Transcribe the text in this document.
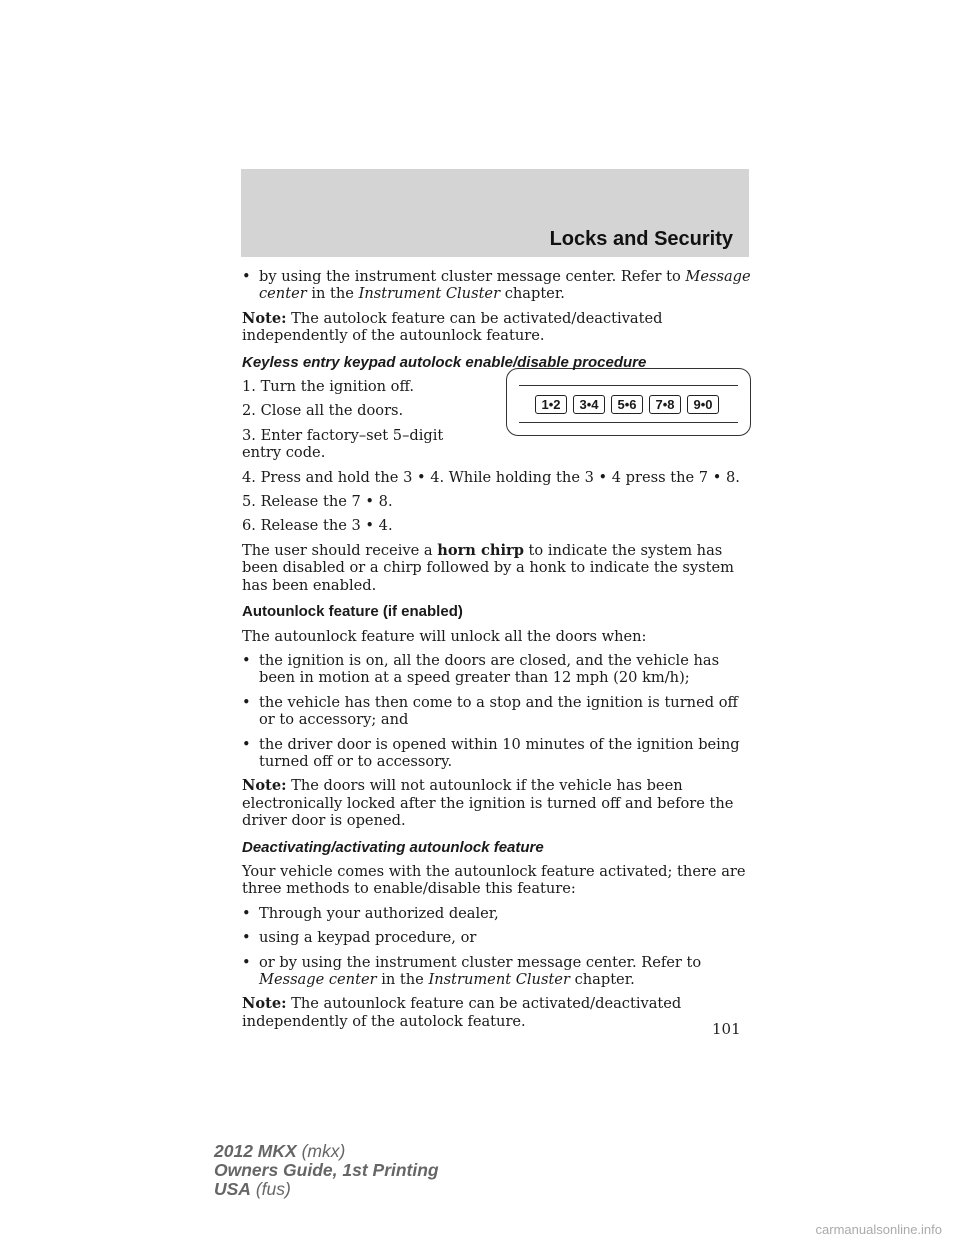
Locks and Security
1•2	3•4	5•6	7•8	9•0
• by using the instrument cluster message center. Refer to Message center in the Instrument Cluster chapter.

Note: The autolock feature can be activated/deactivated independently of the autounlock feature.

Keyless entry keypad autolock enable/disable procedure

1. Turn the ignition off.

2. Close all the doors.

3. Enter factory–set 5–digit entry code.

4. Press and hold the 3 • 4. While holding the 3 • 4 press the 7 • 8.

5. Release the 7 • 8.

6. Release the 3 • 4.

The user should receive a horn chirp to indicate the system has been disabled or a chirp followed by a honk to indicate the system has been enabled.

Autounlock feature (if enabled)

The autounlock feature will unlock all the doors when:

• the ignition is on, all the doors are closed, and the vehicle has been in motion at a speed greater than 12 mph (20 km/h);
• the vehicle has then come to a stop and the ignition is turned off or to accessory; and
• the driver door is opened within 10 minutes of the ignition being turned off or to accessory.

Note: The doors will not autounlock if the vehicle has been electronically locked after the ignition is turned off and before the driver door is opened.

Deactivating/activating autounlock feature

Your vehicle comes with the autounlock feature activated; there are three methods to enable/disable this feature:

• Through your authorized dealer,
• using a keypad procedure, or
• or by using the instrument cluster message center. Refer to Message center in the Instrument Cluster chapter.

Note: The autounlock feature can be activated/deactivated independently of the autolock feature.	101
2012 MKX (mkx)
Owners Guide, 1st Printing
USA (fus)
carmanualsonline.info
